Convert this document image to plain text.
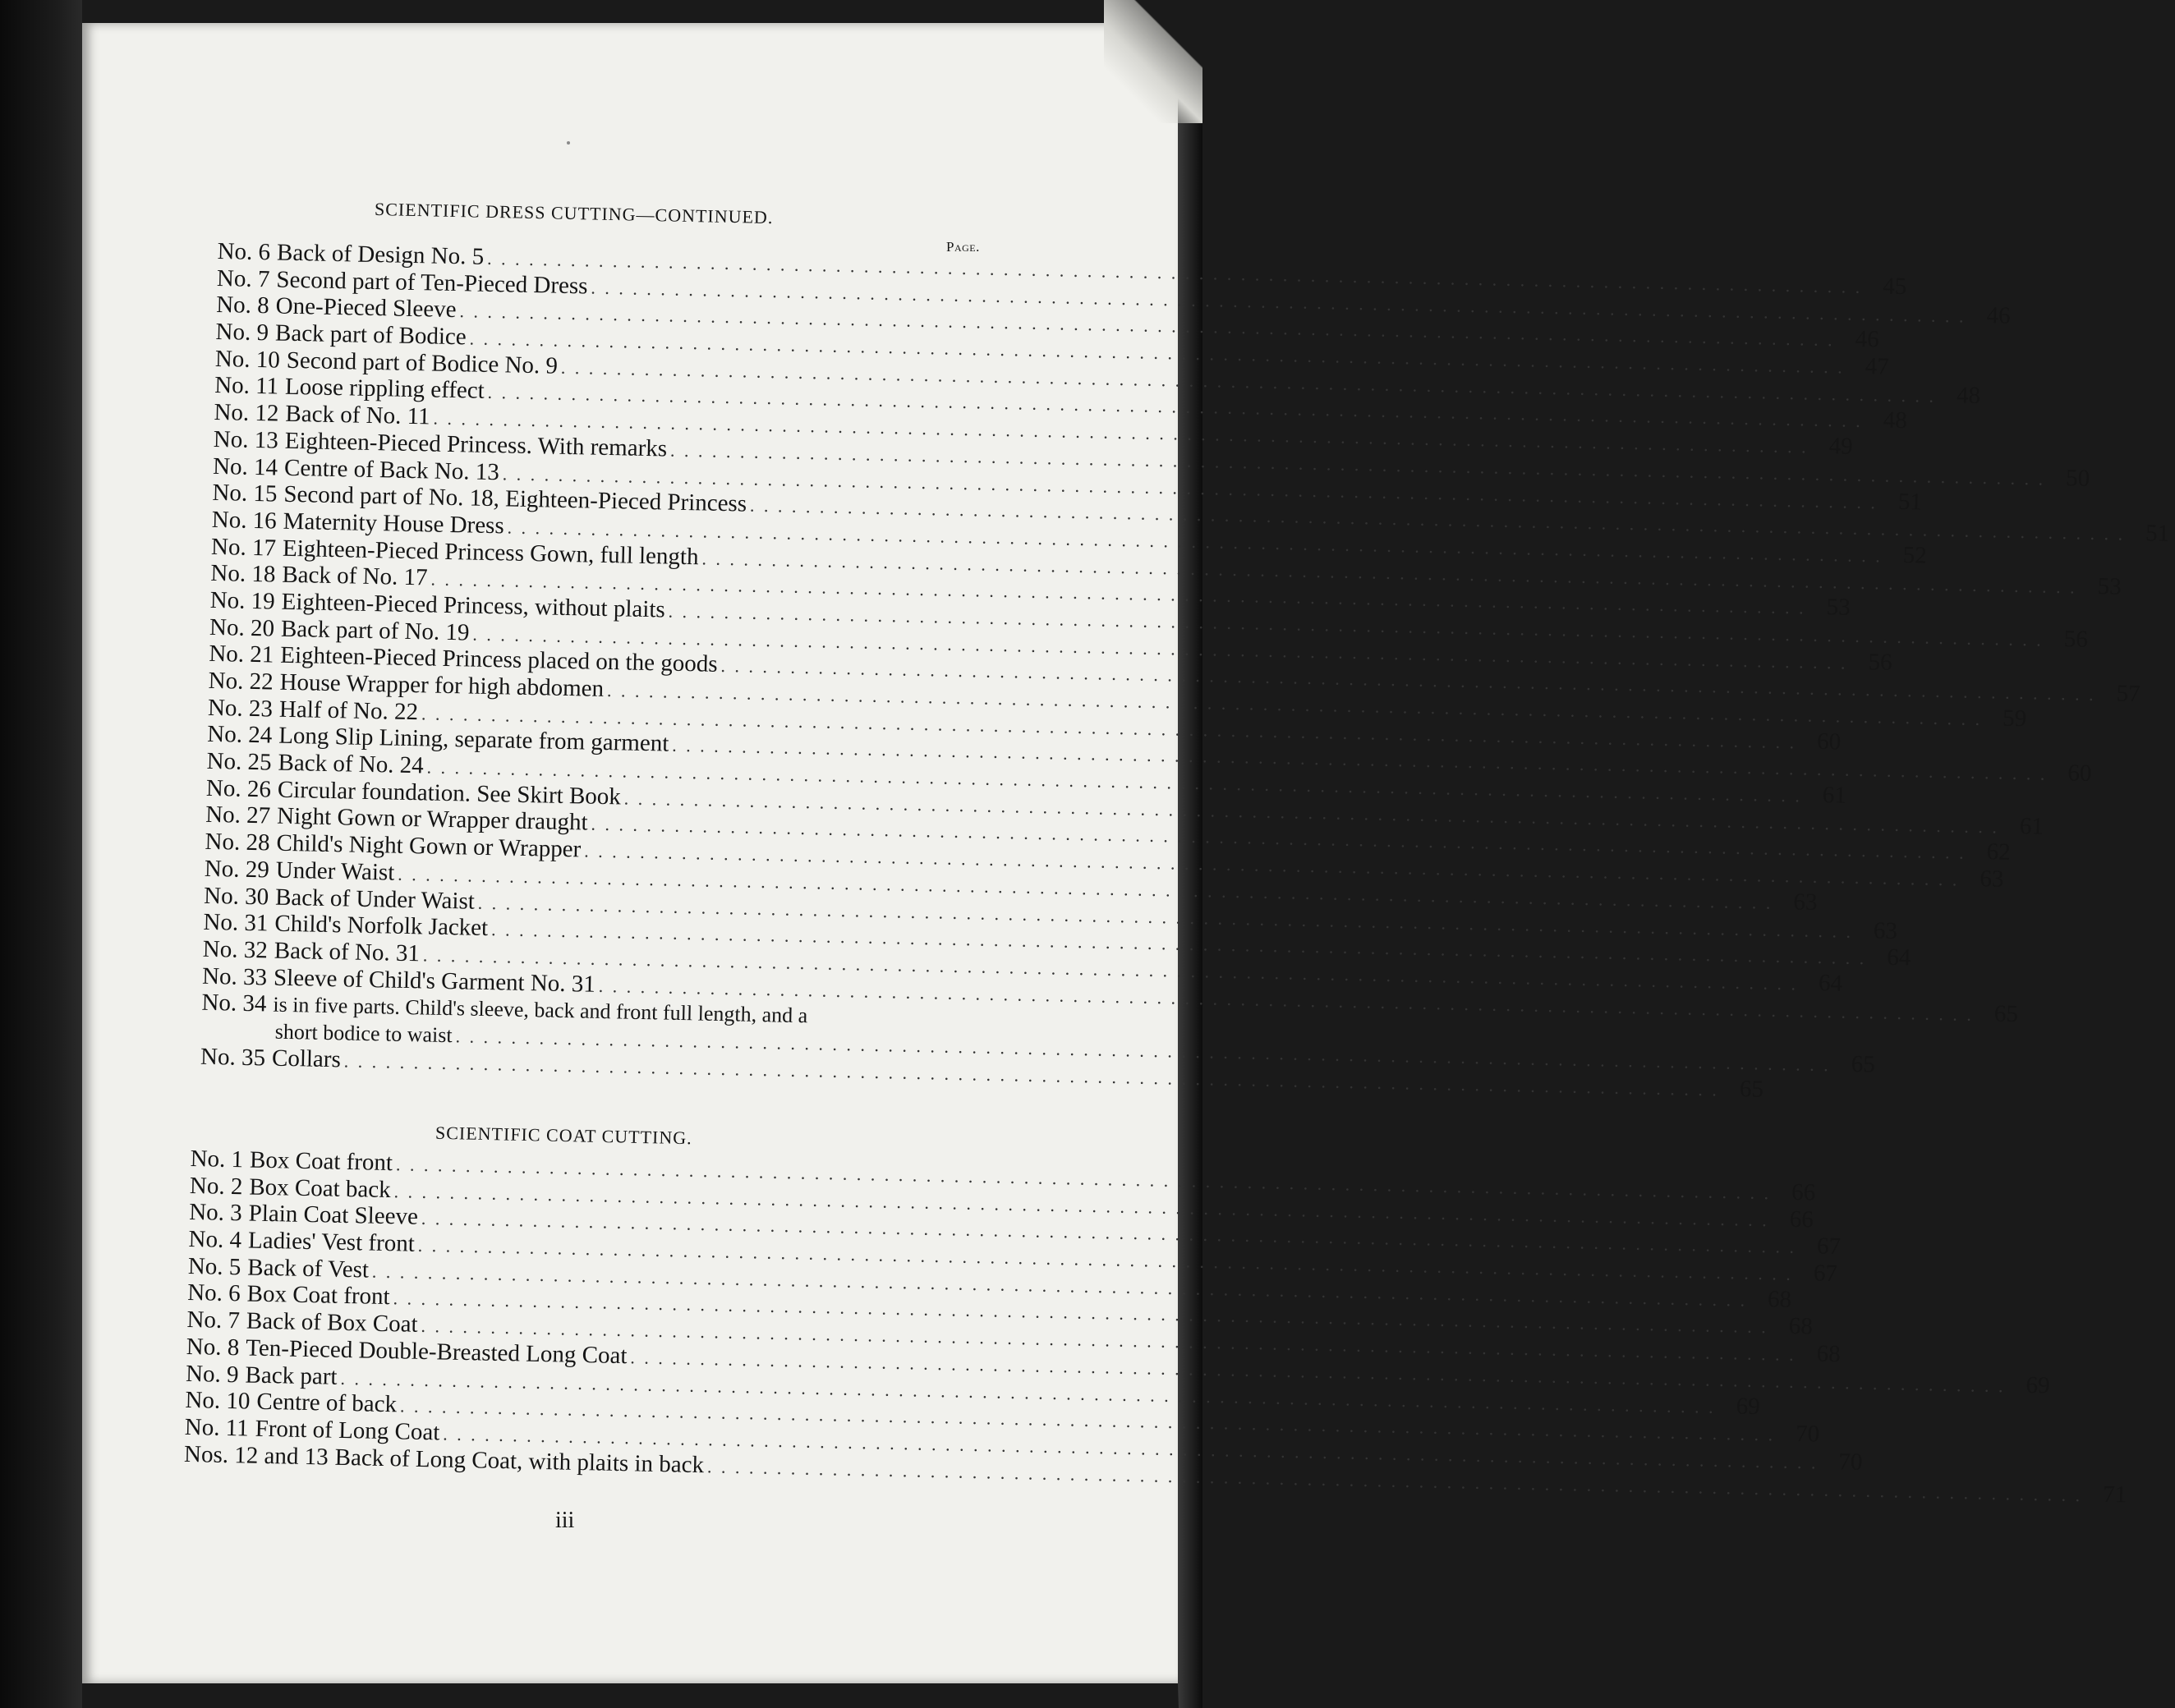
SCIENTIFIC DRESS CUTTING—CONTINUED.
Page.
No. 6 Back of Design No. 5
. . .
45
No. 7 Second part of Ten-Pieced Dress
. . .
46
No. 8 One-Pieced Sleeve
. . .
46
No. 9 Back part of Bodice
. . .
47
No. 10 Second part of Bodice No. 9
. . .
48
No. 11 Loose rippling effect
. . .
48
No. 12 Back of No. 11
. . .
49
No. 13 Eighteen-Pieced Princess. With remarks
. . .
50
No. 14 Centre of Back No. 13
. . .
51
No. 15 Second part of No. 18, Eighteen-Pieced Princess
. . .
51
No. 16 Maternity House Dress
. . .
52
No. 17 Eighteen-Pieced Princess Gown, full length
. . .
53
No. 18 Back of No. 17
. . .
53
No. 19 Eighteen-Pieced Princess, without plaits
. . .
56
No. 20 Back part of No. 19
. . .
56
No. 21 Eighteen-Pieced Princess placed on the goods
. . .
57
No. 22 House Wrapper for high abdomen
. . .
59
No. 23 Half of No. 22
. . .
60
No. 24 Long Slip Lining, separate from garment
. . .
60
No. 25 Back of No. 24
. . .
61
No. 26 Circular foundation. See Skirt Book
. . .
61
No. 27 Night Gown or Wrapper draught
. . .
62
No. 28 Child's Night Gown or Wrapper
. . .
63
No. 29 Under Waist
. . .
63
No. 30 Back of Under Waist
. . .
63
No. 31 Child's Norfolk Jacket
. . .
64
No. 32 Back of No. 31
. . .
64
No. 33 Sleeve of Child's Garment No. 31
. . .
65
No. 34 is in five parts. Child's sleeve, back and front full length, and a
short bodice to waist
. . .
65
No. 35 Collars
. . .
65
SCIENTIFIC COAT CUTTING.
No. 1 Box Coat front
. . .
66
No. 2 Box Coat back
. . .
66
No. 3 Plain Coat Sleeve
. . .
67
No. 4 Ladies' Vest front
. . .
67
No. 5 Back of Vest
. . .
68
No. 6 Box Coat front
. . .
68
No. 7 Back of Box Coat
. . .
68
No. 8 Ten-Pieced Double-Breasted Long Coat
. . .
69
No. 9 Back part
. . .
69
No. 10 Centre of back
. . .
70
No. 11 Front of Long Coat
. . .
70
Nos. 12 and 13 Back of Long Coat, with plaits in back
. . .
71
iii
